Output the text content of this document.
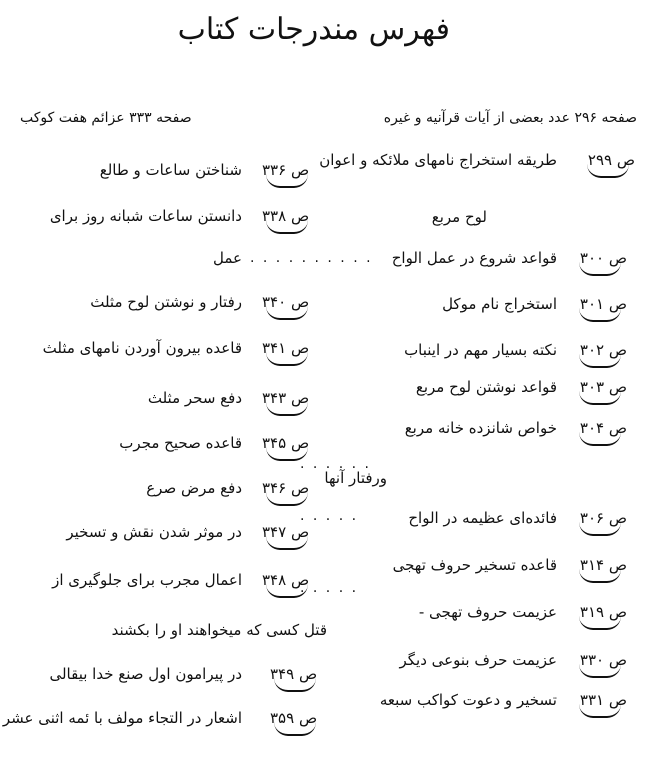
فهرس مندرجات کتاب
صفحه ۲۹۶ عدد بعضی از آیات قرآنیه و غیره
صفحه ۳۳۳ عزائم هفت کوکب
ص ۲۹۹
طریقه استخراج نامهای ملائکه و اعوان
لوح مربع
ص ۳۰۰
قواعد شروع در عمل الواح
ص ۳۰۱
استخراج نام موکل
ص ۳۰۲
نکته بسیار مهم در اینباب
ص ۳۰۳
قواعد نوشتن لوح مربع
ص ۳۰۴
خواص شانزده خانه مربع
ورفتار آنها
ص ۳۰۶
فائده‌ای عظیمه در الواح
ص ۳۱۴
قاعده تسخیر حروف تهجی
ص ۳۱۹
عزیمت حروف تهجی -
ص ۳۳۰
عزیمت حرف بنوعی دیگر
ص ۳۳۱
تسخیر و دعوت کواکب سبعه
ص ۳۳۶
شناختن ساعات و طالع
ص ۳۳۸
دانستن ساعات شبانه روز برای
عمل
ص ۳۴۰
رفتار و نوشتن لوح مثلث
ص ۳۴۱
قاعده بیرون آوردن نامهای مثلث
ص ۳۴۳
دفع سحر مثلث
ص ۳۴۵
قاعده صحیح مجرب
ص ۳۴۶
دفع مرض صرع
ص ۳۴۷
در موثر شدن نقش و تسخیر
ص ۳۴۸
اعمال مجرب برای جلوگیری از
قتل کسی که میخواهند او را بکشند
ص ۳۴۹
در پیرامون اول صنع خدا بیقالی
ص ۳۵۹
اشعار در التجاء مولف با ئمه اثنی عشر
. . . . . . . . . .
. . . . . .
. . . . .
. . . . .
